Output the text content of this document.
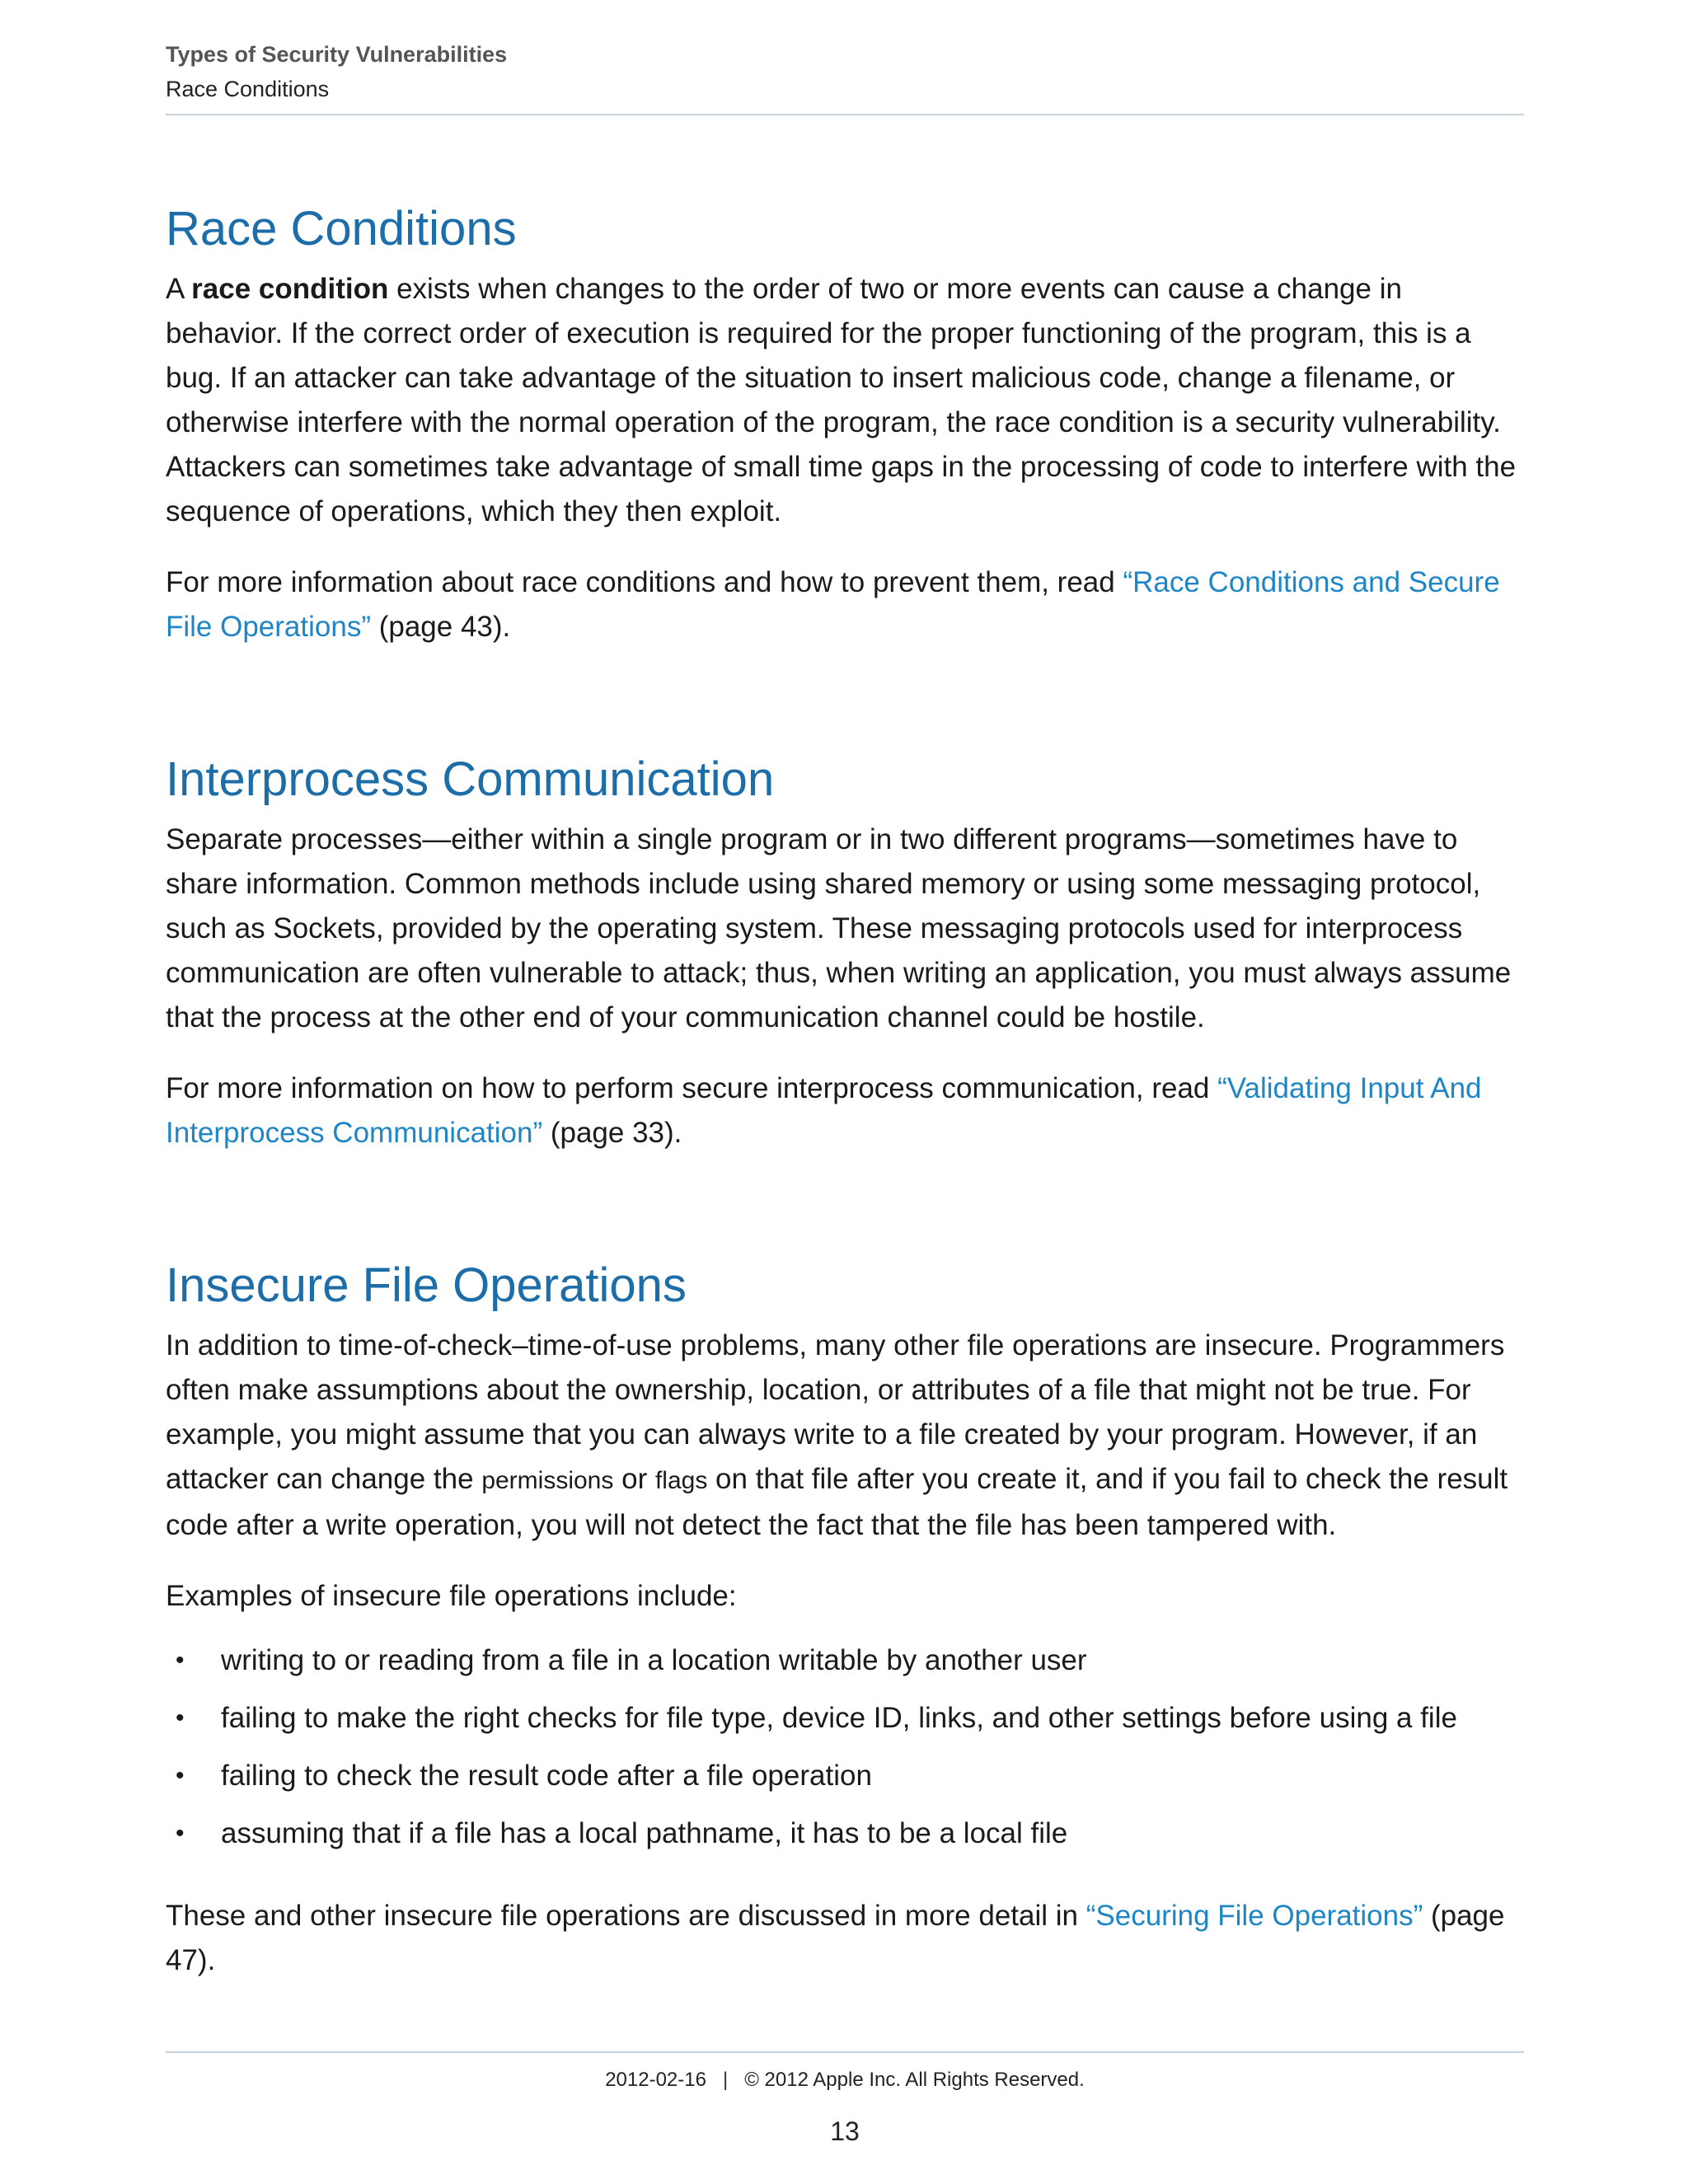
Types of Security Vulnerabilities
Race Conditions
Race Conditions

A race condition exists when changes to the order of two or more events can cause a change in behavior. If the correct order of execution is required for the proper functioning of the program, this is a bug. If an attacker can take advantage of the situation to insert malicious code, change a filename, or otherwise interfere with the normal operation of the program, the race condition is a security vulnerability. Attackers can sometimes take advantage of small time gaps in the processing of code to interfere with the sequence of operations, which they then exploit.

For more information about race conditions and how to prevent them, read “Race Conditions and Secure File Operations” (page 43).

Interprocess Communication

Separate processes—either within a single program or in two different programs—sometimes have to share information. Common methods include using shared memory or using some messaging protocol, such as Sockets, provided by the operating system. These messaging protocols used for interprocess communication are often vulnerable to attack; thus, when writing an application, you must always assume that the process at the other end of your communication channel could be hostile.

For more information on how to perform secure interprocess communication, read “Validating Input And Interprocess Communication” (page 33).

Insecure File Operations

In addition to time-of-check–time-of-use problems, many other file operations are insecure. Programmers often make assumptions about the ownership, location, or attributes of a file that might not be true. For example, you might assume that you can always write to a file created by your program. However, if an attacker can change the permissions or flags on that file after you create it, and if you fail to check the result code after a write operation, you will not detect the fact that the file has been tampered with.

Examples of insecure file operations include:

• writing to or reading from a file in a location writable by another user
• failing to make the right checks for file type, device ID, links, and other settings before using a file
• failing to check the result code after a file operation
• assuming that if a file has a local pathname, it has to be a local file

These and other insecure file operations are discussed in more detail in “Securing File Operations” (page 47).

2012-02-16 | © 2012 Apple Inc. All Rights Reserved.
13
